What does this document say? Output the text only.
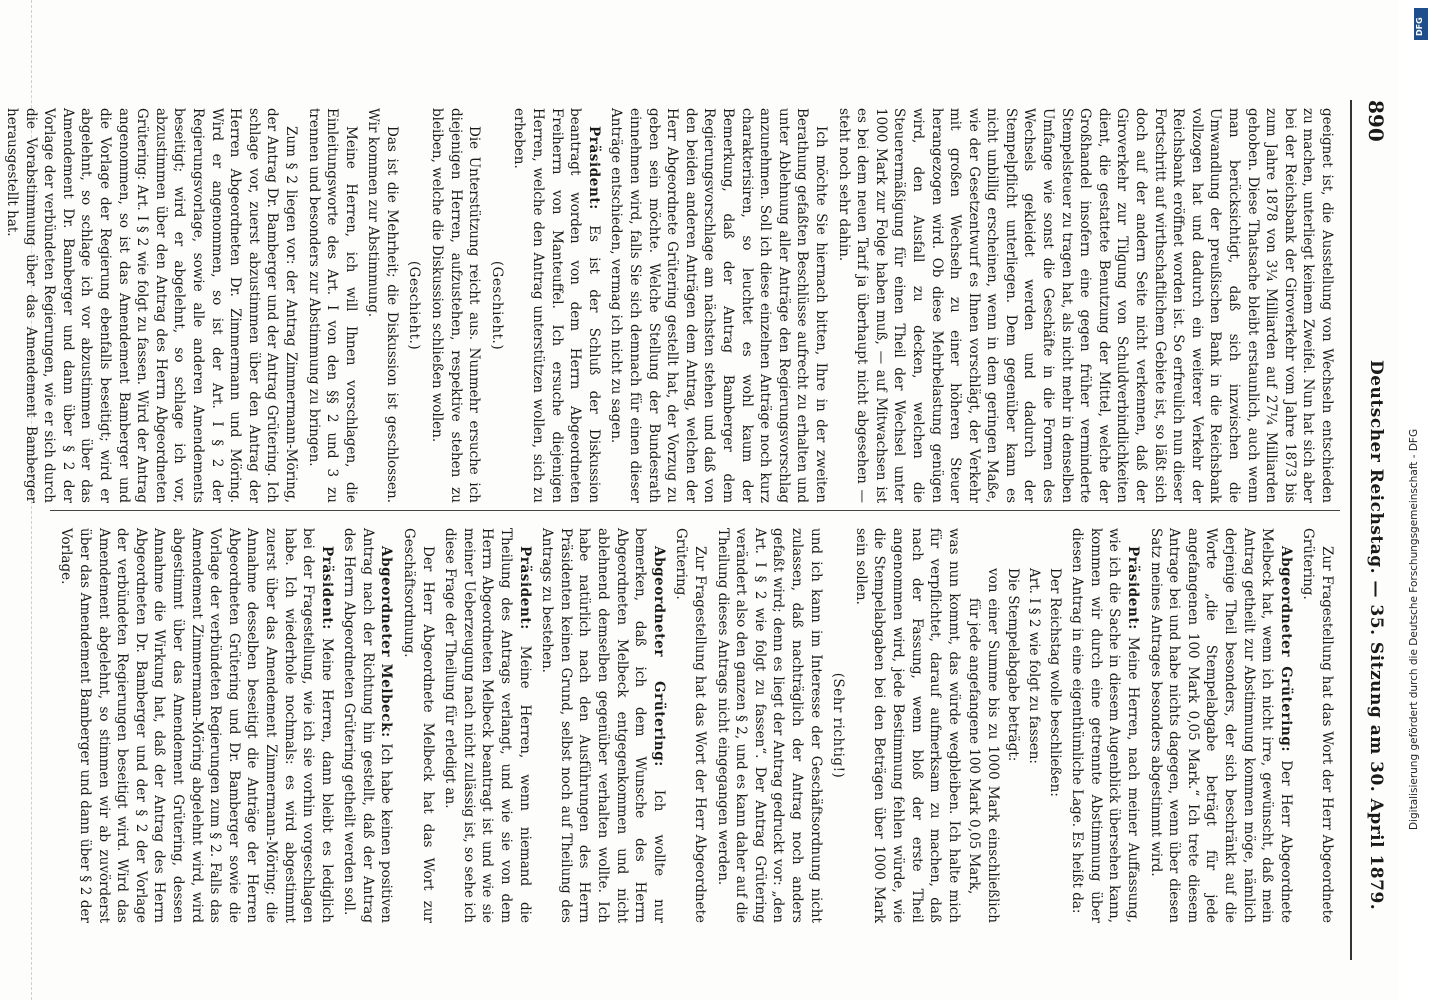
890
Deutscher Reichstag. — 35. Sitzung am 30. April 1879.

geeignet ist, die Ausstellung von Wechseln entschieden zu machen, unterliegt keinem Zweifel. Nun hat sich aber bei der Reichsbank der Giroverkehr vom Jahre 1873 bis zum Jahre 1878 von 3¼ Milliarden auf 27¼ Milliarden gehoben. Diese Thatsache bleibt erstaunlich, auch wenn man berücksichtigt, daß sich inzwischen die Umwandlung der preußischen Bank in die Reichsbank vollzogen hat und dadurch ein weiterer Verkehr der Reichsbank eröffnet worden ist. So erfreulich nun dieser Fortschritt auf wirthschaftlichem Gebiete ist, so läßt sich doch auf der andern Seite nicht verkennen, daß der Giroverkehr zur Tilgung von Schuldverbindlichkeiten dient, die gestattete Benutzung der Mittel, welche der Großhandel insofern eine gegen früher verminderte Stempelsteuer zu tragen hat, als nicht mehr in denselben Umfange wie sonst die Geschäfte in die Formen des Wechsels gekleidet werden und dadurch der Stempelpflicht unterliegen. Dem gegenüber kann es nicht unbillig erscheinen, wenn in dem geringen Maße, wie der Gesetzentwurf es Ihnen vorschlägt, der Verkehr mit großen Wechseln zu einer höheren Steuer herangezogen wird. Ob diese Mehrbelastung genügen wird, den Ausfall zu decken, welchen die Steuerermäßigung für einen Theil der Wechsel unter 1000 Mark zur Folge haben muß, — auf Mitwachsen ist es bei dem neuen Tarif ja überhaupt nicht abgesehen — steht noch sehr dahin.

Ich möchte Sie hiernach bitten, Ihre in der zweiten Berathung gefaßten Beschlüsse aufrecht zu erhalten und unter Ablehnung aller Anträge den Regierungsvorschlag anzunehmen. Soll ich diese einzelnen Anträge noch kurz charakterisiren, so leuchtet es wohl kaum der Bemerkung, daß der Antrag Bamberger dem Regierungsvorschlage am nächsten stehen und daß von den beiden anderen Anträgen dem Antrag, welchen der Herr Abgeordnete Grütering gestellt hat, der Vorzug zu geben sein möchte. Welche Stellung der Bundesrath einnehmen wird, falls Sie sich demnach für einen dieser Anträge entschieden, vermag ich nicht zu sagen.

Präsident: Es ist der Schluß der Diskussion beantragt worden von dem Herrn Abgeordneten Freiherrn von Manteuffel. Ich ersuche diejenigen Herren, welche den Antrag unterstützen wollen, sich zu erheben.

(Geschieht.)

Die Unterstützung reicht aus. Nunmehr ersuche ich diejenigen Herren, aufzustehen, respektive stehen zu bleiben, welche die Diskussion schließen wollen.

(Geschieht.)

Das ist die Mehrheit; die Diskussion ist geschlossen. Wir kommen zur Abstimmung.

Meine Herren, ich will Ihnen vorschlagen, die Einleitungsworte des Art. I von den §§ 2 und 3 zu trennen und besonders zur Abstimmung zu bringen.

Zum § 2 liegen vor: der Antrag Zimmermann-Möring, der Antrag Dr. Bamberger und der Antrag Grütering. Ich schlage vor, zuerst abzustimmen über den Antrag der Herren Abgeordneten Dr. Zimmermann und Möring. Wird er angenommen, so ist der Art. I § 2 der Regierungsvorlage, sowie alle anderen Amendements beseitigt; wird er abgelehnt, so schlage ich vor, abzustimmen über den Antrag des Herrn Abgeordneten Grütering: Art. I § 2 wie folgt zu fassen. Wird der Antrag angenommen, so ist das Amendement Bamberger und die Vorlage der Regierung ebenfalls beseitigt; wird er abgelehnt, so schlage ich vor abzustimmen über das Amendement Dr. Bamberger und dann über § 2 der Vorlage der verbündeten Regierungen, wie er sich durch die Vorabstimmung über das Amendement Bamberger herausgestellt hat.

Zur Fragestellung hat das Wort der Herr Abgeordnete Grütering.

Abgeordneter Grütering: Der Herr Abgeordnete Melbeck hat, wenn ich nicht irre, gewünscht, daß mein Antrag getheilt zur Abstimmung kommen möge, nämlich derjenige Theil besonders, der sich beschränkt auf die Worte „die Stempelabgabe beträgt für jede angefangenen 100 Mark 0,05 Mark.“ Ich trete diesem Antrage bei und habe nichts dagegen, wenn über diesen Satz meines Antrages besonders abgestimmt wird.

Präsident: Meine Herren, nach meiner Auffassung, wie ich die Sache in diesem Augenblick übersehen kann, kommen wir durch eine getrennte Abstimmung über diesen Antrag in eine eigenthümliche Lage. Es heißt da:

Der Reichstag wolle beschließen:

Art. I § 2 wie folgt zu fassen:

Die Stempelabgabe beträgt:

von einer Summe bis zu 1000 Mark einschließlich für jede angefangene 100 Mark 0,05 Mark,

was nun kommt, das würde wegbleiben. Ich halte mich für verpflichtet, darauf aufmerksam zu machen, daß nach der Fassung, wenn bloß der erste Theil angenommen wird, jede Bestimmung fehlen würde, wie die Stempelabgaben bei den Beträgen über 1000 Mark sein sollen.

(Sehr richtig!)

und ich kann im Interesse der Geschäftsordnung nicht zulassen, daß nachträglich der Antrag noch anders gefaßt wird; denn es liegt der Antrag gedruckt vor: „den Art. I § 2 wie folgt zu fassen“. Der Antrag Grütering verändert also den ganzen § 2, und es kann daher auf die Theilung dieses Antrags nicht eingegangen werden.

Zur Fragestellung hat das Wort der Herr Abgeordnete Grütering.

Abgeordneter Grütering: Ich wollte nur bemerken, daß ich dem Wunsche des Herrn Abgeordneten Melbeck entgegenkommen und nicht ablehnend demselben gegenüber verhalten wollte. Ich habe natürlich nach den Ausführungen des Herrn Präsidenten keinen Grund, selbst noch auf Theilung des Antrags zu bestehen.

Präsident: Meine Herren, wenn niemand die Theilung des Antrags verlangt, und wie sie von dem Herrn Abgeordneten Melbeck beantragt ist und wie sie meiner Ueberzeugung nach nicht zulässig ist, so sehe ich diese Frage der Theilung für erledigt an.

Der Herr Abgeordnete Melbeck hat das Wort zur Geschäftsordnung.

Abgeordneter Melbeck: Ich habe keinen positiven Antrag nach der Richtung hin gestellt, daß der Antrag des Herrn Abgeordneten Grütering getheilt werden soll.

Präsident: Meine Herren, dann bleibt es lediglich bei der Fragestellung, wie ich sie vorhin vorgeschlagen habe. Ich wiederhole nochmals: es wird abgestimmt zuerst über das Amendement Zimmermann-Möring; die Annahme desselben beseitigt die Anträge der Herren Abgeordneten Grütering und Dr. Bamberger sowie die Vorlage der verbündeten Regierungen zum § 2. Falls das Amendement Zimmermann-Möring abgelehnt wird, wird abgestimmt über das Amendement Grütering, dessen Annahme die Wirkung hat, daß der Antrag des Herrn Abgeordneten Dr. Bamberger und der § 2 der Vorlage der verbündeten Regierungen beseitigt wird. Wird das Amendement abgelehnt, so stimmen wir ab zuvörderst über das Amendement Bamberger und dann über § 2 der Vorlage.	Digitalisierung gefördert durch die Deutsche Forschungsgemeinschaft - DFG
DFG
